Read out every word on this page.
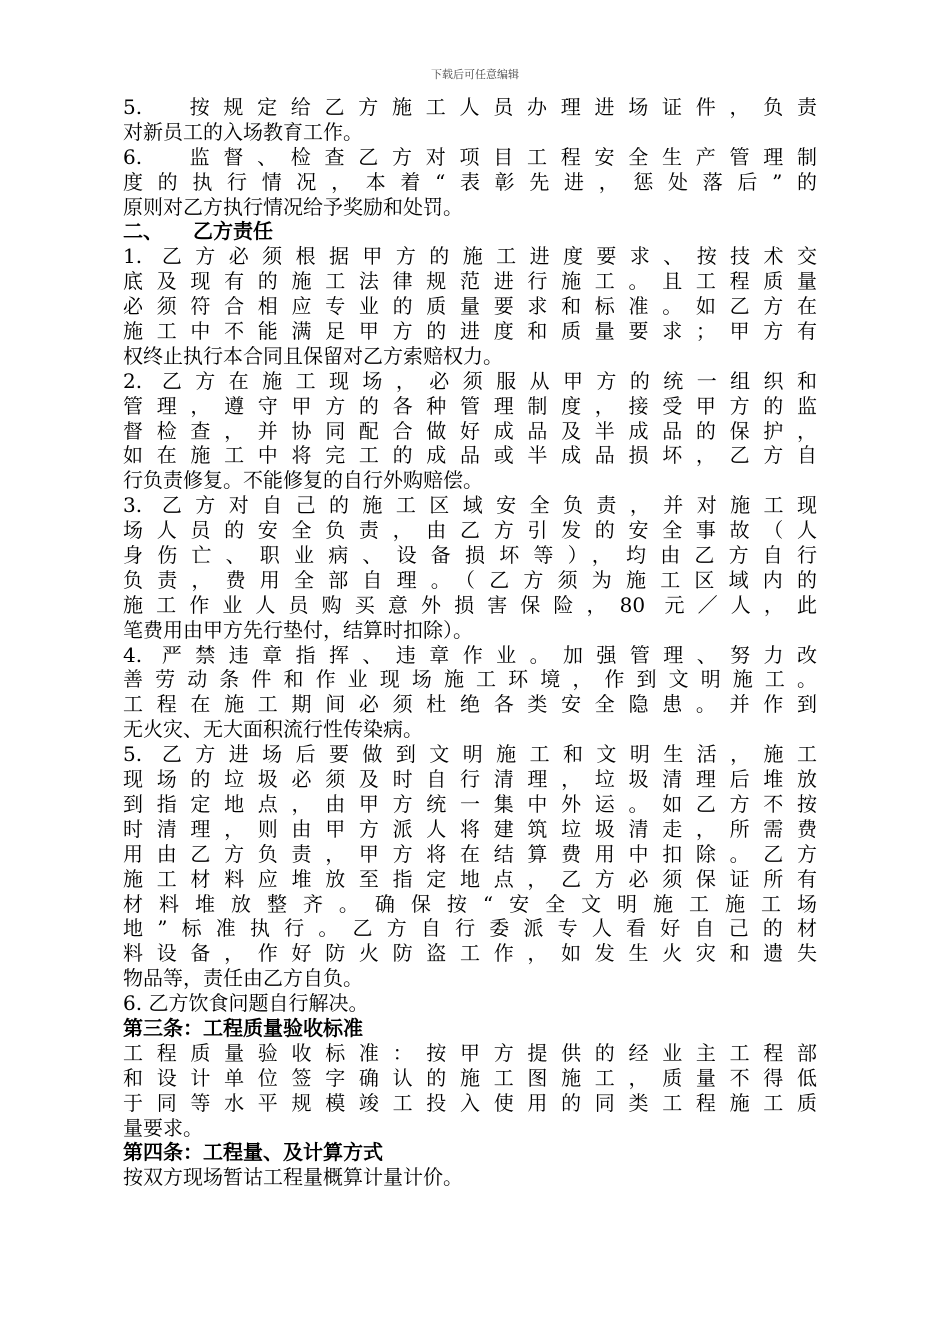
下载后可任意编辑
5.　按规定给乙方施工人员办理进场证件，负责
对新员工的入场教育工作。
6.　监督、检查乙方对项目工程安全生产管理制
度的执行情况，本着“表彰先进，惩处落后”的
原则对乙方执行情况给予奖励和处罚。
二、　　乙方责任
1. 乙方必须根据甲方的施工进度要求、按技术交
底及现有的施工法律规范进行施工。且工程质量
必须符合相应专业的质量要求和标准。如乙方在
施工中不能满足甲方的进度和质量要求；甲方有
权终止执行本合同且保留对乙方索赔权力。
2. 乙方在施工现场，必须服从甲方的统一组织和
管理，遵守甲方的各种管理制度，接受甲方的监
督检查，并协同配合做好成品及半成品的保护，
如在施工中将完工的成品或半成品损坏，乙方自
行负责修复。不能修复的自行外购赔偿。
3. 乙方对自己的施工区域安全负责，并对施工现
场人员的安全负责，由乙方引发的安全事故（人
身伤亡、职业病、设备损坏等），均由乙方自行
负责，费用全部自理。（乙方须为施工区域内的
施工作业人员购买意外损害保险，80 元／人，此
笔费用由甲方先行垫付，结算时扣除）。
4. 严禁违章指挥、违章作业。加强管理、努力改
善劳动条件和作业现场施工环境，作到文明施工。
工程在施工期间必须杜绝各类安全隐患。并作到
无火灾、无大面积流行性传染病。
5. 乙方进场后要做到文明施工和文明生活，施工
现场的垃圾必须及时自行清理，垃圾清理后堆放
到指定地点，由甲方统一集中外运。如乙方不按
时清理，则由甲方派人将建筑垃圾清走，所需费
用由乙方负责，甲方将在结算费用中扣除。乙方
施工材料应堆放至指定地点，乙方必须保证所有
材料堆放整齐。确保按“安全文明施工施工场
地”标准执行。乙方自行委派专人看好自己的材
料设备，作好防火防盗工作，如发生火灾和遗失
物品等，责任由乙方自负。
6. 乙方饮食问题自行解决。
第三条：工程质量验收标准
工程质量验收标准：按甲方提供的经业主工程部
和设计单位签字确认的施工图施工，质量不得低
于同等水平规模竣工投入使用的同类工程施工质
量要求。
第四条：工程量、及计算方式
按双方现场暂诂工程量概算计量计价。
